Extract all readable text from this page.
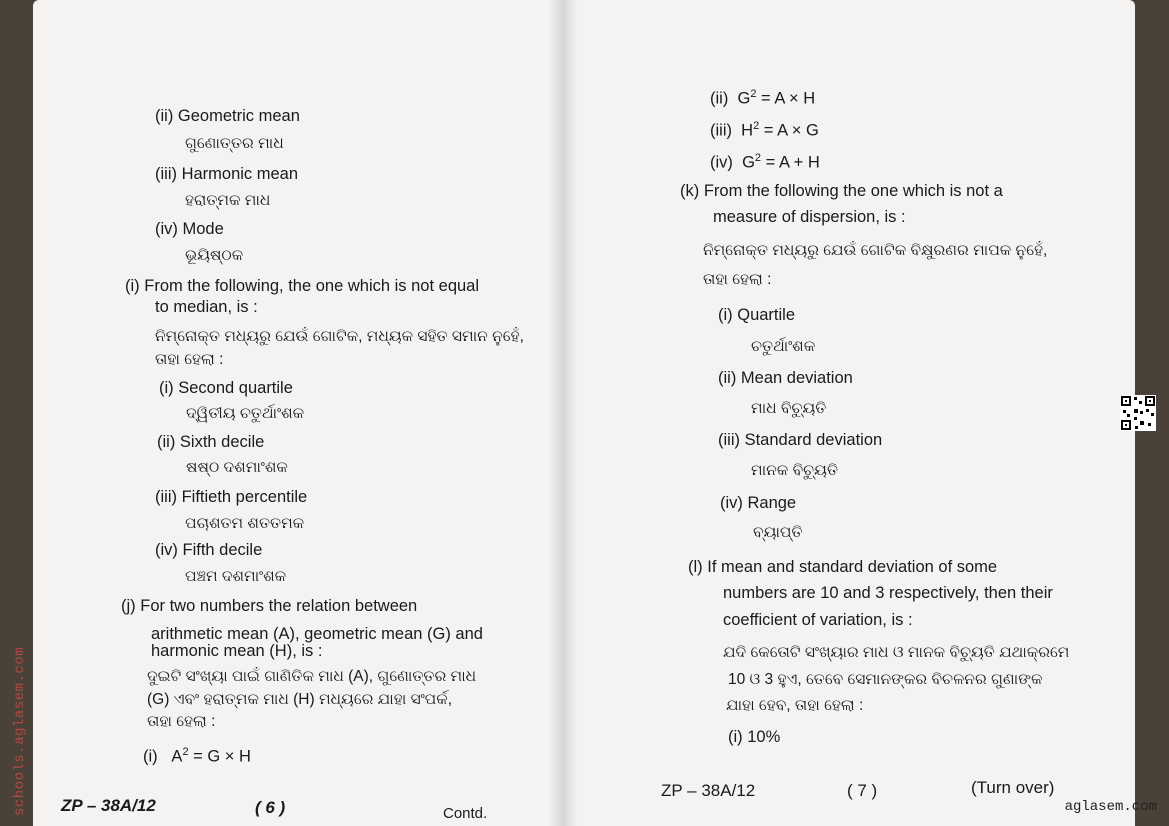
(ii) Geometric mean
ଗୁଣୋତ୍ତର ମାଧ
(iii) Harmonic mean
ହରାତ୍ମକ ମାଧ
(iv) Mode
ଭୂୟିଷ୍ଠକ
(i) From the following, the one which is not equal
to median, is :
ନିମ୍ନୋକ୍ତ ମଧ୍ୟରୁ ଯେଉଁ ଗୋଟିକ, ମଧ୍ୟକ ସହିତ ସମାନ ନୁହେଁ,
ତାହା ହେଲା :
(i) Second quartile
ଦ୍ୱିତୀୟ ଚତୁର୍ଥାଂଶକ
(ii) Sixth decile
ଷଷ୍ଠ ଦଶମାଂଶକ
(iii) Fiftieth percentile
ପଚାଶତମ ଶତତମକ
(iv) Fifth decile
ପଞ୍ଚମ ଦଶମାଂଶକ
(j) For two numbers the relation between
arithmetic mean (A), geometric mean (G) and
harmonic mean (H), is :
ଦୁଇଟି ସଂଖ୍ୟା ପାଇଁ ଗାଣିତିକ ମାଧ (A), ଗୁଣୋତ୍ତର ମାଧ
(G) ଏବଂ ହରାତ୍ମକ ମାଧ (H) ମଧ୍ୟରେ ଯାହା ସଂପର୍କ,
ତାହା ହେଲା :
(i) $A^2 = G \times H$
ZP – 38A/12	( 6 )	Contd.
(ii) $G^2 = A \times H$
(iii) $H^2 = A \times G$
(iv) $G^2 = A + H$
(k) From the following the one which is not a
measure of dispersion, is :
ନିମ୍ନୋକ୍ତ ମଧ୍ୟରୁ ଯେଉଁ ଗୋଟିକ ବିକ୍ଷୁରଣର ମାପକ ନୁହେଁ,
ତାହା ହେଲା :
(i) Quartile
ଚତୁର୍ଥାଂଶକ
(ii) Mean deviation
ମାଧ ବିଚ୍ୟୁତି
(iii) Standard deviation
ମାନକ ବିଚ୍ୟୁତି
(iv) Range
ବ୍ୟାପ୍ତି
(l) If mean and standard deviation of some
numbers are 10 and 3 respectively, then their
coefficient of variation, is :
ଯଦି କେତୋଟି ସଂଖ୍ୟାର ମାଧ ଓ ମାନକ ବିଚ୍ୟୁତି ଯଥାକ୍ରମେ
10 ଓ 3 ହୁଏ, ତେବେ ସେମାନଙ୍କର ବିଚଳନର ଗୁଣାଙ୍କ
ଯାହା ହେବ, ତାହା ହେଲା :
(i) 10%
ZP – 38A/12	( 7 )	(Turn over)
schools.aglasem.com	aglasem.com
